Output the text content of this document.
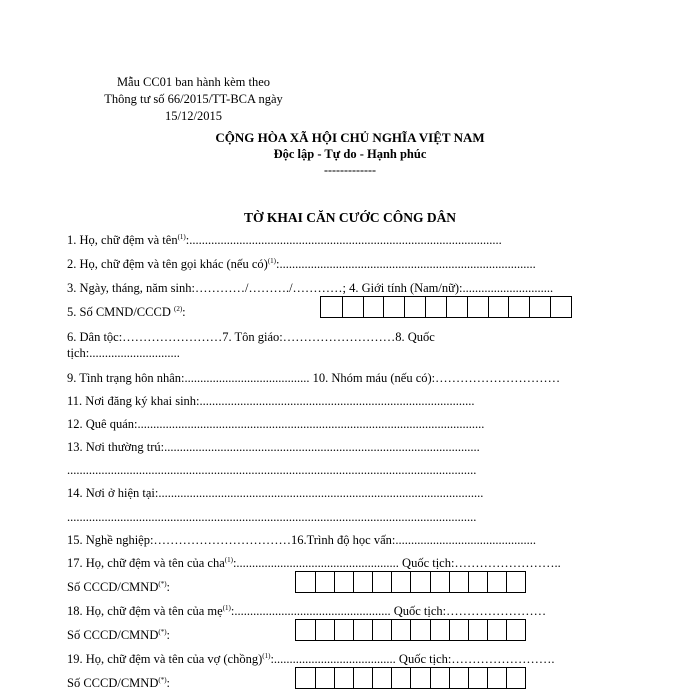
Mẫu CC01 ban hành kèm theo
Thông tư số 66/2015/TT-BCA ngày
15/12/2015
CỘNG HÒA XÃ HỘI CHỦ NGHĨA VIỆT NAM
Độc lập - Tự do - Hạnh phúc
-------------
TỜ KHAI CĂN CƯỚC CÔNG DÂN
1. Họ, chữ đệm và tên$^{(1)}$:....................................................................................................
2. Họ, chữ đệm và tên gọi khác (nếu có)$^{(1)}$:..................................................................................
3. Ngày, tháng, năm sinh:…………/………./…………; 4. Giới tính (Nam/nữ):.............................
5. Số CMND/CCCD $^{(2)}$:
6. Dân tộc:……………………7. Tôn giáo:………………………8. Quốc
tịch:.............................
9. Tình trạng hôn nhân:........................................ 10. Nhóm máu (nếu có):…………………………
11. Nơi đăng ký khai sinh:........................................................................................
12. Quê quán:...............................................................................................................
13. Nơi thường trú:.....................................................................................................
...................................................................................................................................
14. Nơi ở hiện tại:........................................................................................................
...................................................................................................................................
15. Nghề nghiệp:……………………………16.Trình độ học vấn:.............................................
17. Họ, chữ đệm và tên của cha$^{(1)}$:.................................................... Quốc tịch:……………………..
Số CCCD/CMND(*):
18. Họ, chữ đệm và tên của mẹ$^{(1)}$:.................................................. Quốc tịch:……………………
Số CCCD/CMND(*):
19. Họ, chữ đệm và tên của vợ (chồng)$^{(1)}$:....................................... Quốc tịch:…………………….
Số CCCD/CMND(*):
